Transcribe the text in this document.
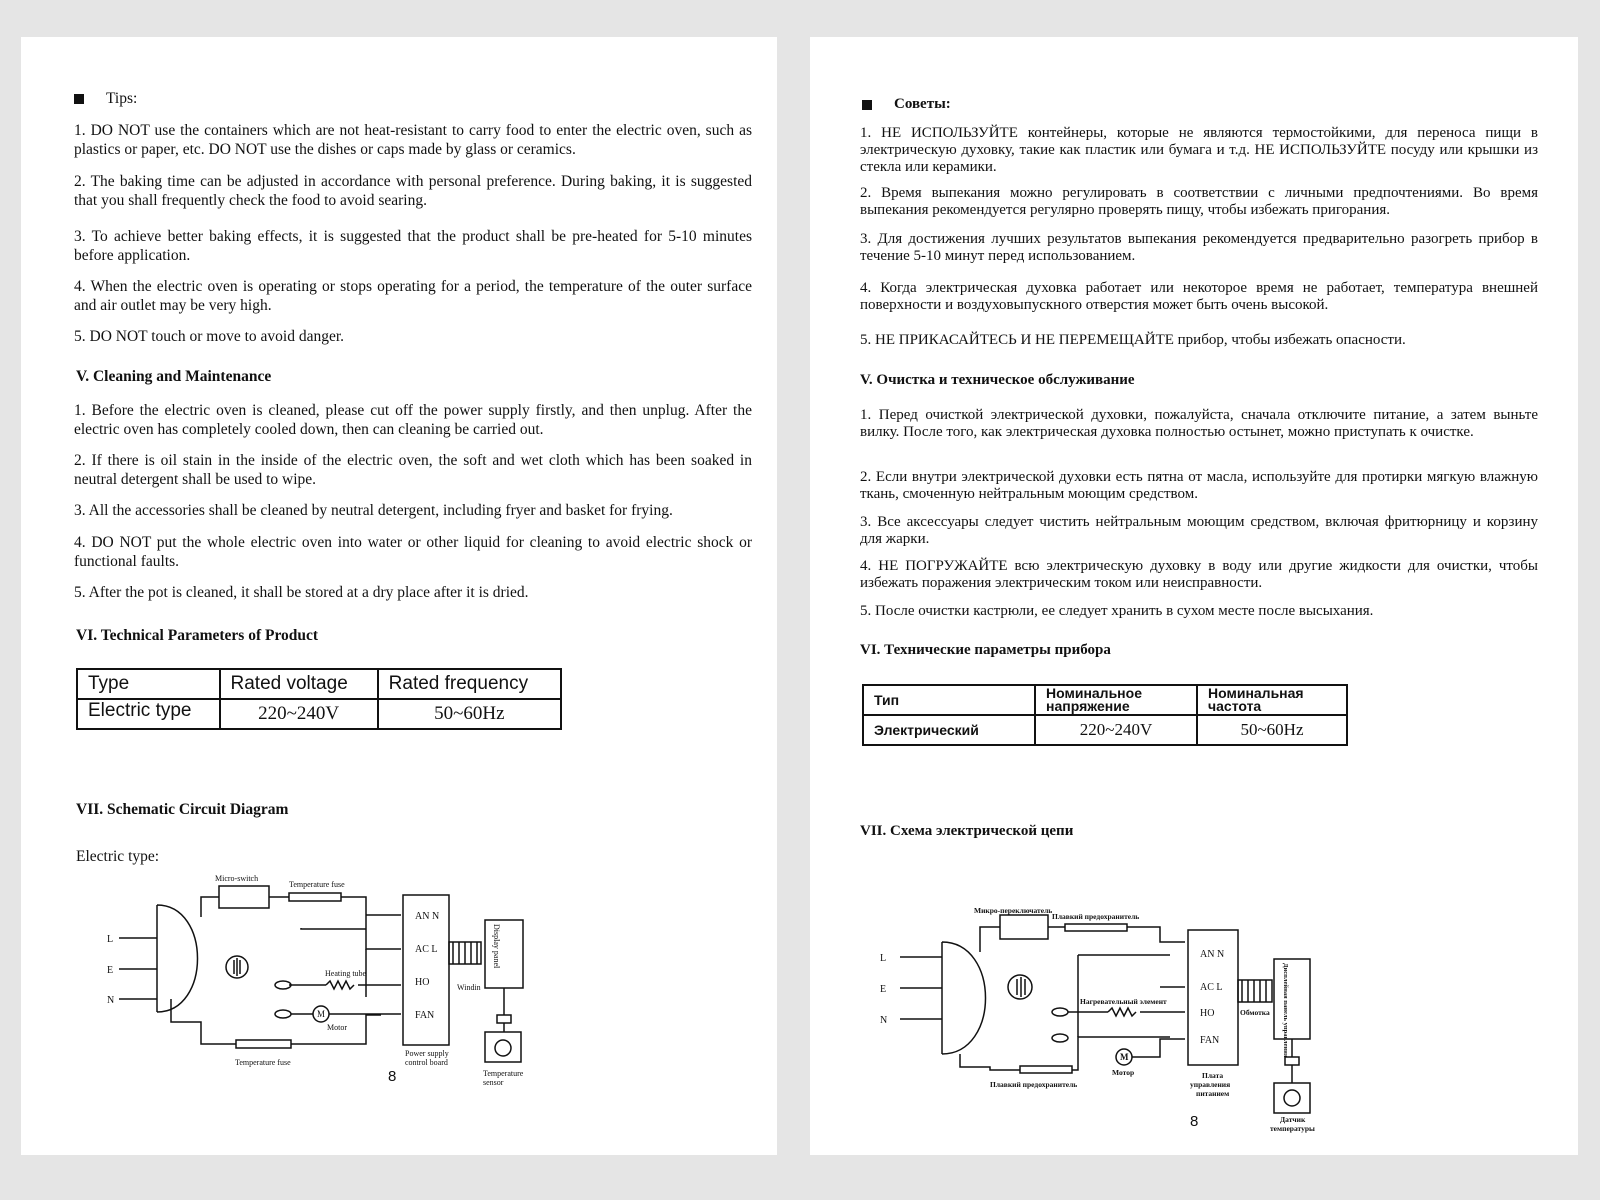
Tips:

1. DO NOT use the containers which are not heat-resistant to carry food to enter the electric oven, such as plastics or paper, etc. DO NOT use the dishes or caps made by glass or ceramics.

2. The baking time can be adjusted in accordance with personal preference. During baking, it is suggested that you shall frequently check the food to avoid searing.

3. To achieve better baking effects, it is suggested that the product shall be pre-heated for 5-10 minutes before application.

4. When the electric oven is operating or stops operating for a period, the temperature of the outer surface and air outlet may be very high.

5. DO NOT touch or move to avoid danger.

V. Cleaning and Maintenance

1. Before the electric oven is cleaned, please cut off the power supply firstly, and then unplug. After the electric oven has completely cooled down, then can cleaning be carried out.

2. If there is oil stain in the inside of the electric oven, the soft and wet cloth which has been soaked in neutral detergent shall be used to wipe.

3. All the accessories shall be cleaned by neutral detergent, including fryer and basket for frying.

4. DO NOT put the whole electric oven into water or other liquid for cleaning to avoid electric shock or functional faults.

5. After the pot is cleaned, it shall be stored at a dry place after it is dried.

VI. Technical Parameters of Product

Type	Rated voltage	Rated frequency
Electric type	220~240V	50~60Hz

VII. Schematic Circuit Diagram

Electric type:

Micro-switch
Temperature fuse
Heating tube
Motor
Temperature fuse
Power supply
control board
Windin
Temperature
sensor
Display panel
M
L
E
N
AN N
AC L
HO
FAN
8

Советы:

1. НЕ ИСПОЛЬЗУЙТЕ контейнеры, которые не являются термостойкими, для переноса пищи в электрическую духовку, такие как пластик или бумага и т.д. НЕ ИСПОЛЬЗУЙТЕ посуду или крышки из стекла или керамики.

2. Время выпекания можно регулировать в соответствии с личными предпочтениями. Во время выпекания рекомендуется регулярно проверять пищу, чтобы избежать пригорания.

3. Для достижения лучших результатов выпекания рекомендуется предварительно разогреть прибор в течение 5-10 минут перед использованием.

4. Когда электрическая духовка работает или некоторое время не работает, температура внешней поверхности и воздуховыпускного отверстия может быть очень высокой.

5. НЕ ПРИКАСАЙТЕСЬ И НЕ ПЕРЕМЕЩАЙТЕ прибор, чтобы избежать опасности.

V. Очистка и техническое обслуживание

1. Перед очисткой электрической духовки, пожалуйста, сначала отключите питание, а затем выньте вилку. После того, как электрическая духовка полностью остынет, можно приступать к очистке.

2. Если внутри электрической духовки есть пятна от масла, используйте для протирки мягкую влажную ткань, смоченную нейтральным моющим средством.

3. Все аксессуары следует чистить нейтральным моющим средством, включая фритюрницу и корзину для жарки.

4. НЕ ПОГРУЖАЙТЕ всю электрическую духовку в воду или другие жидкости для очистки, чтобы избежать поражения электрическим током или неисправности.

5. После очистки кастрюли, ее следует хранить в сухом месте после высыхания.

VI. Технические параметры прибора

Тип	Номинальное напряжение	Номинальная частота
Электрический	220~240V	50~60Hz

VII. Схема электрической цепи

Микро-переключатель
Плавкий предохранитель
Нагревательный элемент
Мотор
Плавкий предохранитель
Плата
управления
питанием
Обмотка
Датчик
температуры
Дисплейная панель управления
M
L
E
N
AN N
AC L
HO
FAN
8
